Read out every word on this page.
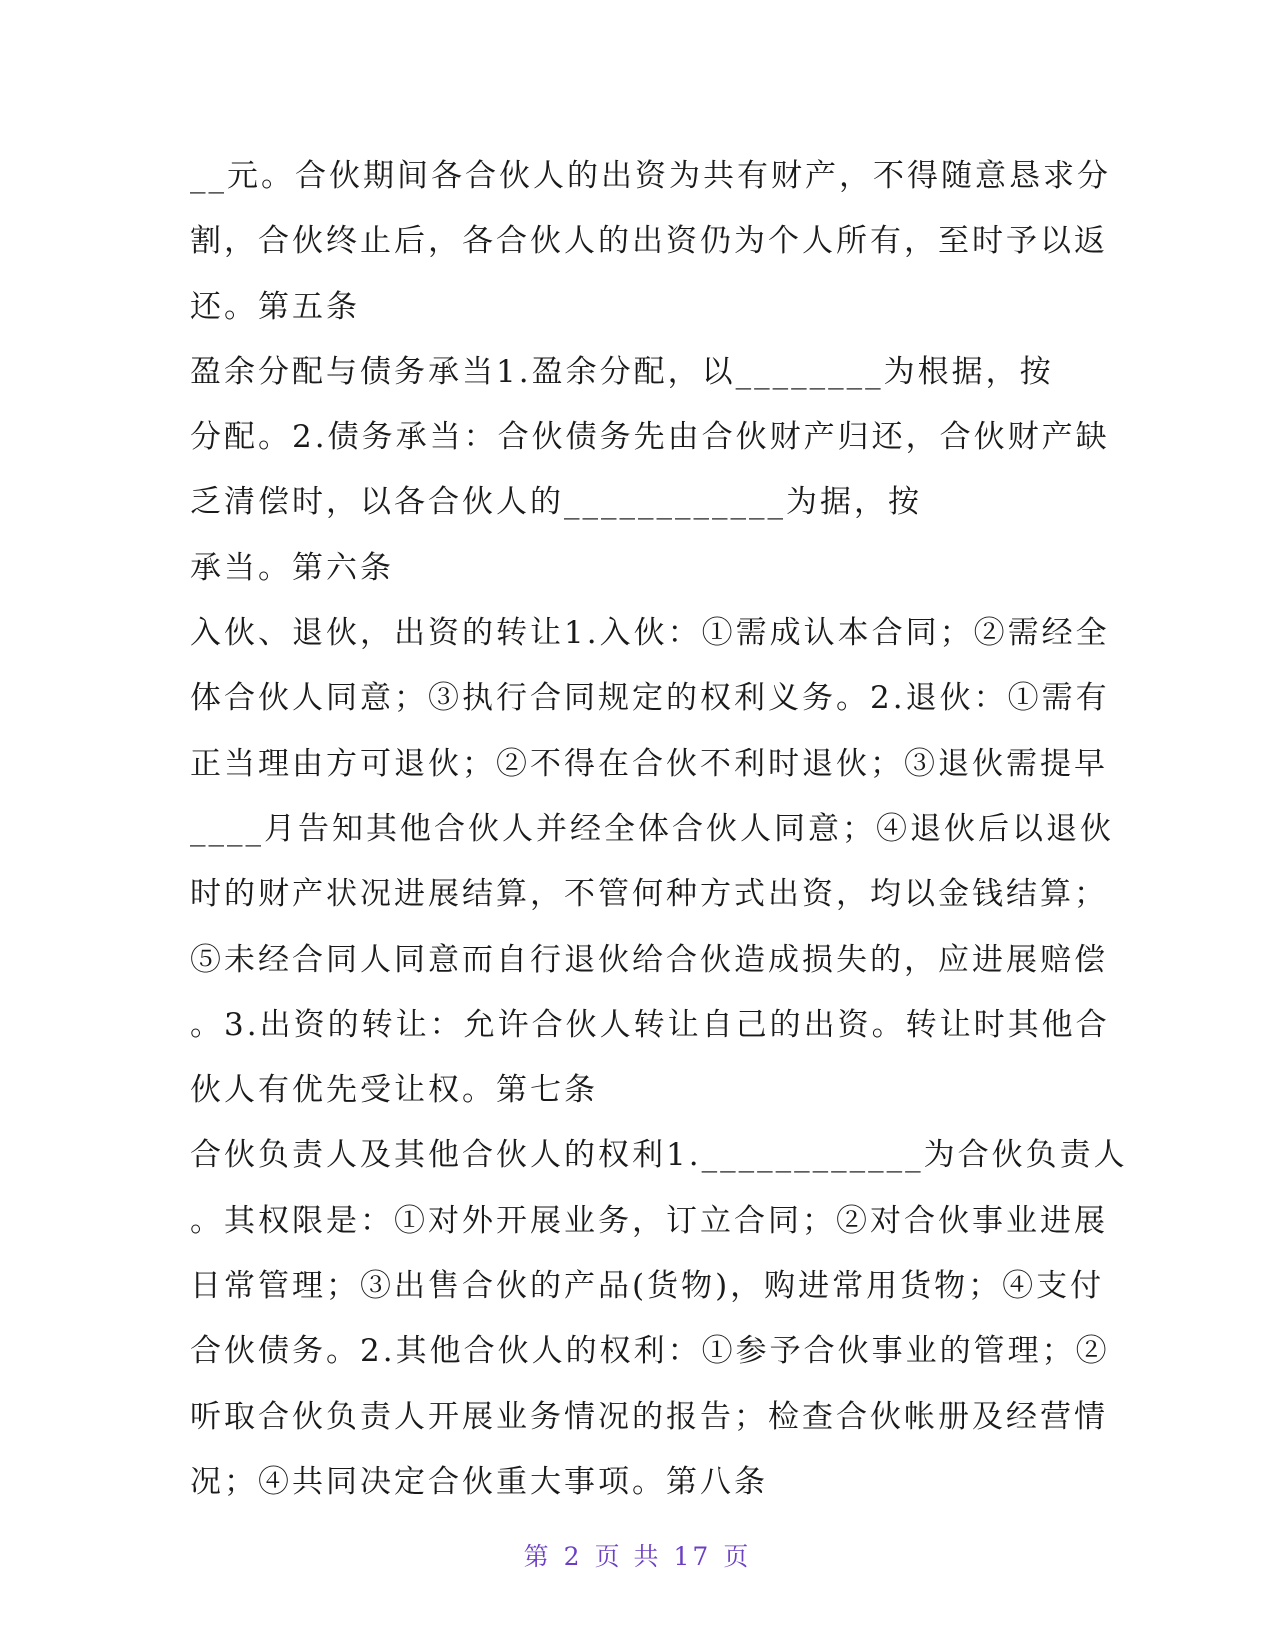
__元。合伙期间各合伙人的出资为共有财产，不得随意恳求分
割，合伙终止后，各合伙人的出资仍为个人所有，至时予以返
还。第五条
盈余分配与债务承当1.盈余分配，以________为根据，按
分配。2.债务承当：合伙债务先由合伙财产归还，合伙财产缺
乏清偿时，以各合伙人的____________为据，按
承当。第六条
入伙、退伙，出资的转让1.入伙：①需成认本合同；②需经全
体合伙人同意；③执行合同规定的权利义务。2.退伙：①需有
正当理由方可退伙；②不得在合伙不利时退伙；③退伙需提早
____月告知其他合伙人并经全体合伙人同意；④退伙后以退伙
时的财产状况进展结算，不管何种方式出资，均以金钱结算；
⑤未经合同人同意而自行退伙给合伙造成损失的，应进展赔偿
。3.出资的转让：允许合伙人转让自己的出资。转让时其他合
伙人有优先受让权。第七条
合伙负责人及其他合伙人的权利1.____________为合伙负责人
。其权限是：①对外开展业务，订立合同；②对合伙事业进展
日常管理；③出售合伙的产品(货物)，购进常用货物；④支付
合伙债务。2.其他合伙人的权利：①参予合伙事业的管理；②
听取合伙负责人开展业务情况的报告；检查合伙帐册及经营情
况；④共同决定合伙重大事项。第八条
第 2 页 共 17 页
